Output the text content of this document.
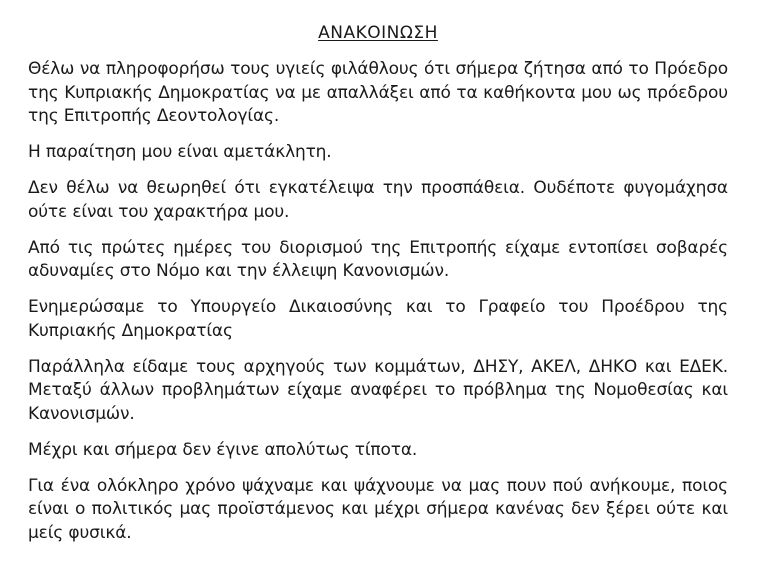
ΑΝΑΚΟΙΝΩΣΗ

Θέλω να πληροφορήσω τους υγιείς φιλάθλους ότι σήμερα ζήτησα από το Πρόεδρο της Κυπριακής Δημοκρατίας να με απαλλάξει από τα καθήκοντα μου ως πρόεδρου της Επιτροπής Δεοντολογίας.

Η παραίτηση μου είναι αμετάκλητη.

Δεν θέλω να θεωρηθεί ότι εγκατέλειψα την προσπάθεια. Ουδέποτε φυγομάχησα ούτε είναι του χαρακτήρα μου.

Από τις πρώτες ημέρες του διορισμού της Επιτροπής είχαμε εντοπίσει σοβαρές αδυναμίες στο Νόμο και την έλλειψη Κανονισμών.

Ενημερώσαμε το Υπουργείο Δικαιοσύνης και το Γραφείο του Προέδρου της Κυπριακής Δημοκρατίας

Παράλληλα είδαμε τους αρχηγούς των κομμάτων, ΔΗΣΥ, ΑΚΕΛ, ΔΗΚΟ και ΕΔΕΚ. Μεταξύ άλλων προβλημάτων είχαμε αναφέρει το πρόβλημα της Νομοθεσίας και Κανονισμών.

Μέχρι και σήμερα δεν έγινε απολύτως τίποτα.

Για ένα ολόκληρο χρόνο ψάχναμε και ψάχνουμε να μας πουν πού ανήκουμε, ποιος είναι ο πολιτικός μας προϊστάμενος και μέχρι σήμερα κανένας δεν ξέρει ούτε και μείς φυσικά.
